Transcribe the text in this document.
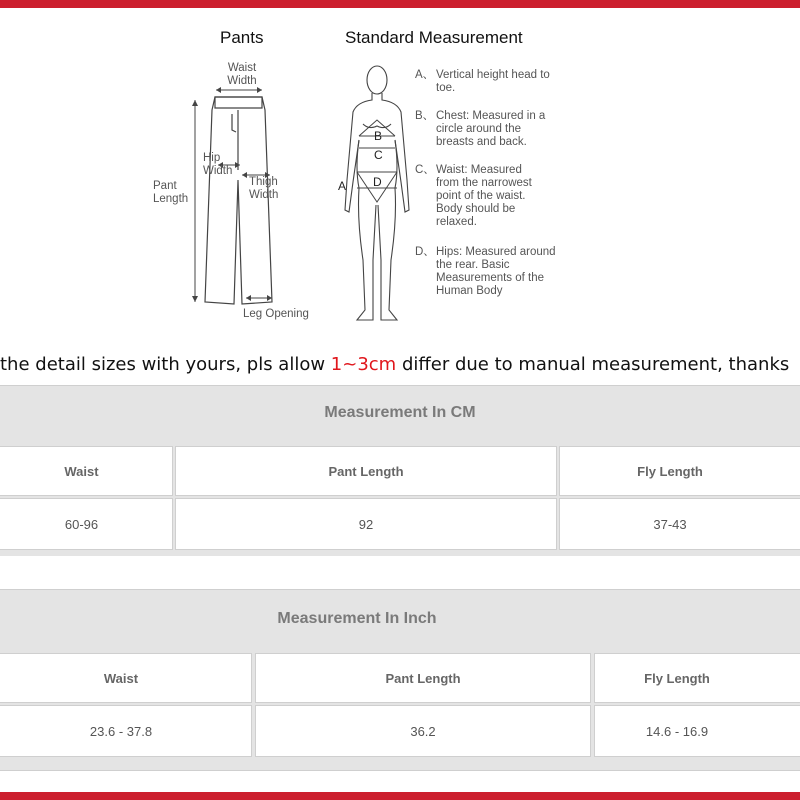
Pants	Standard Measurement
Waist Width
Hip Width
Thigh Width
Pant Length
Leg Opening
B
C
D
A
A、 Vertical height head to toe.
B、 Chest: Measured in a circle around the breasts and back.
C、 Waist: Measured from the narrowest point of the waist. Body should be relaxed.
D、 Hips: Measured around the rear. Basic Measurements of the Human Body
the detail sizes with yours, pls allow 1~3cm differ due to manual measurement, thanks
Measurement In CM
Waist	Pant Length	Fly Length
60-96	92	37-43
Measurement In Inch
Waist	Pant Length	Fly Length
23.6 - 37.8	36.2	14.6 - 16.9
